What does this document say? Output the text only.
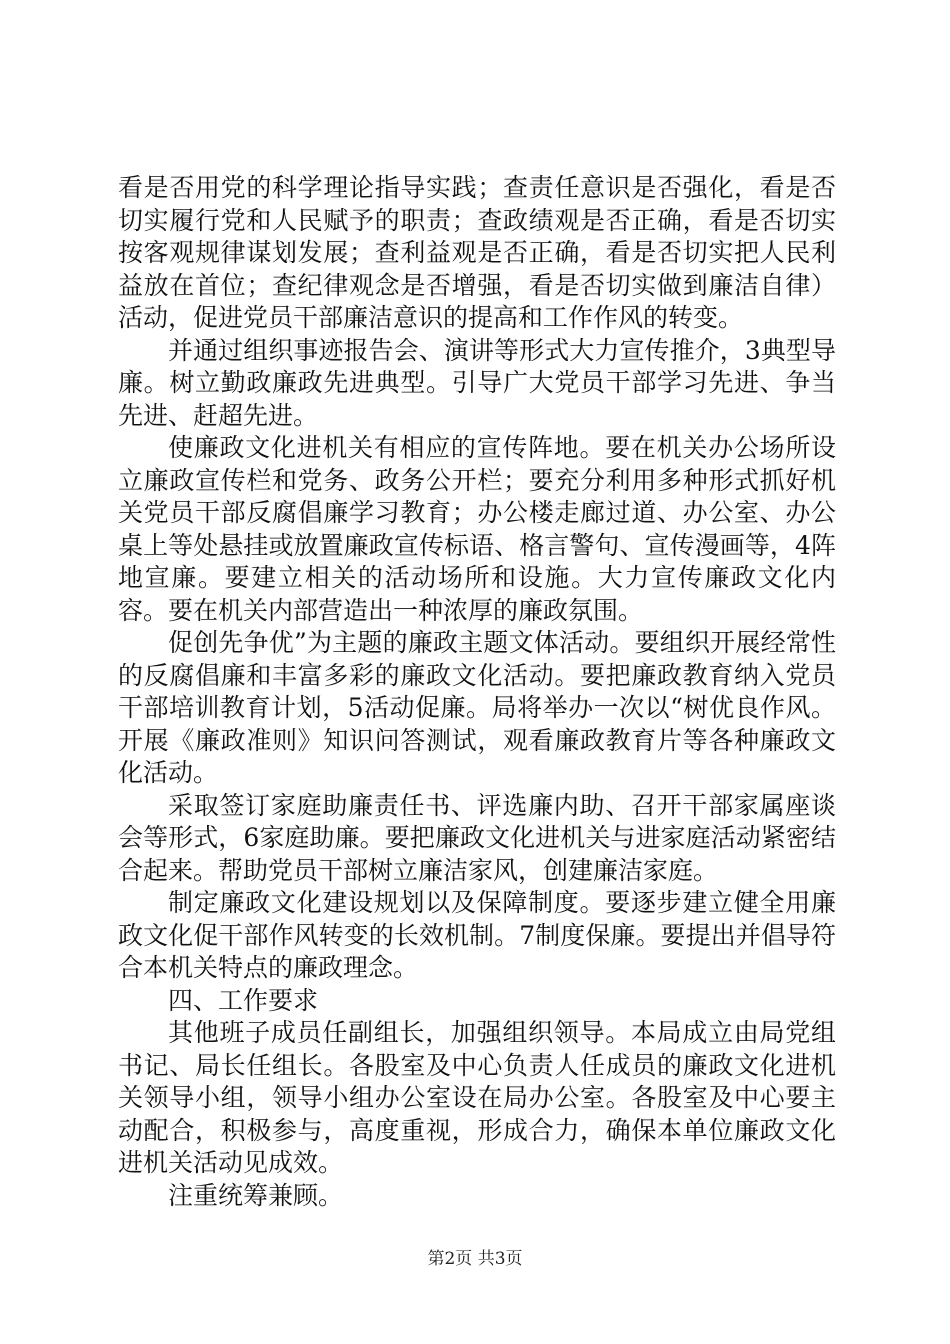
看是否用党的科学理论指导实践；查责任意识是否强化，看是否切实履行党和人民赋予的职责；查政绩观是否正确，看是否切实按客观规律谋划发展；查利益观是否正确，看是否切实把人民利益放在首位；查纪律观念是否增强，看是否切实做到廉洁自律）活动，促进党员干部廉洁意识的提高和工作作风的转变。

并通过组织事迹报告会、演讲等形式大力宣传推介，3典型导廉。树立勤政廉政先进典型。引导广大党员干部学习先进、争当先进、赶超先进。

使廉政文化进机关有相应的宣传阵地。要在机关办公场所设立廉政宣传栏和党务、政务公开栏；要充分利用多种形式抓好机关党员干部反腐倡廉学习教育；办公楼走廊过道、办公室、办公桌上等处悬挂或放置廉政宣传标语、格言警句、宣传漫画等，4阵地宣廉。要建立相关的活动场所和设施。大力宣传廉政文化内容。要在机关内部营造出一种浓厚的廉政氛围。

促创先争优”为主题的廉政主题文体活动。要组织开展经常性的反腐倡廉和丰富多彩的廉政文化活动。要把廉政教育纳入党员干部培训教育计划，5活动促廉。局将举办一次以“树优良作风。开展《廉政准则》知识问答测试，观看廉政教育片等各种廉政文化活动。

采取签订家庭助廉责任书、评选廉内助、召开干部家属座谈会等形式，6家庭助廉。要把廉政文化进机关与进家庭活动紧密结合起来。帮助党员干部树立廉洁家风，创建廉洁家庭。

制定廉政文化建设规划以及保障制度。要逐步建立健全用廉政文化促干部作风转变的长效机制。7制度保廉。要提出并倡导符合本机关特点的廉政理念。

四、工作要求

其他班子成员任副组长，加强组织领导。本局成立由局党组书记、局长任组长。各股室及中心负责人任成员的廉政文化进机关领导小组，领导小组办公室设在局办公室。各股室及中心要主动配合，积极参与，高度重视，形成合力，确保本单位廉政文化进机关活动见成效。

注重统筹兼顾。

第2页 共3页
